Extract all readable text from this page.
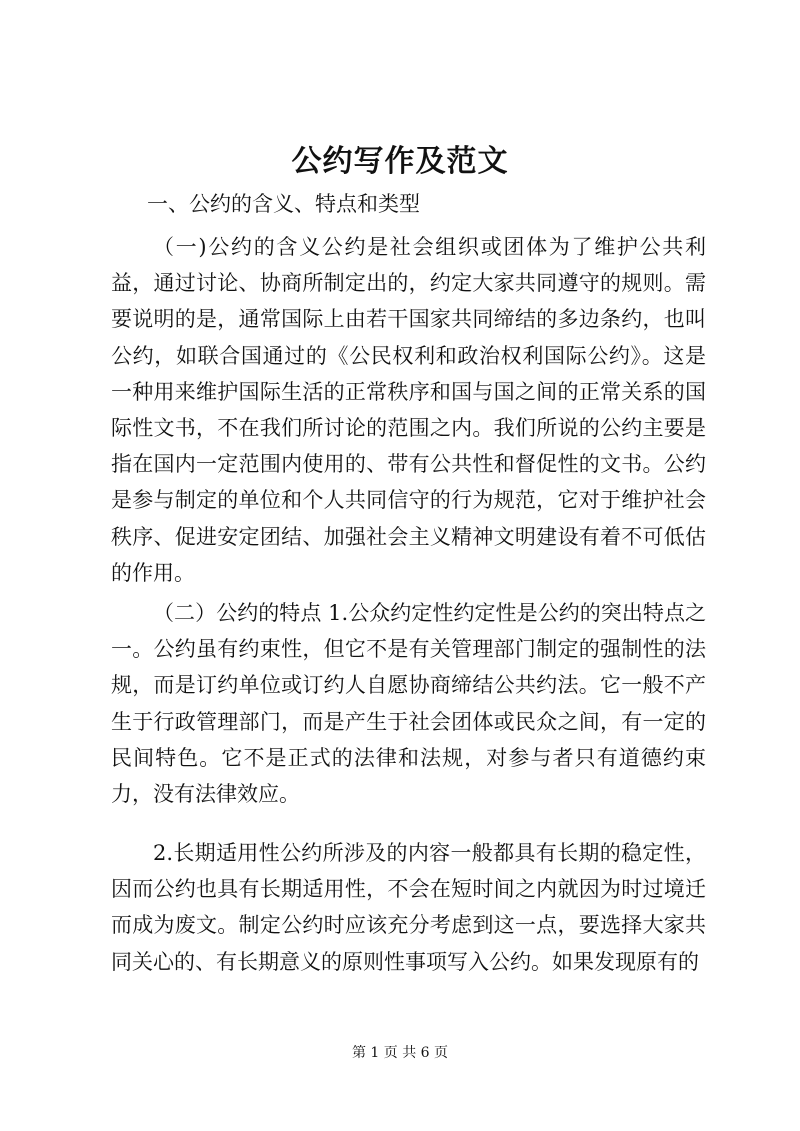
公约写作及范文

一、公约的含义、特点和类型

（一)公约的含义公约是社会组织或团体为了维护公共利益，通过讨论、协商所制定出的，约定大家共同遵守的规则。需要说明的是，通常国际上由若干国家共同缔结的多边条约，也叫公约，如联合国通过的《公民权利和政治权利国际公约》。这是一种用来维护国际生活的正常秩序和国与国之间的正常关系的国际性文书，不在我们所讨论的范围之内。我们所说的公约主要是指在国内一定范围内使用的、带有公共性和督促性的文书。公约是参与制定的单位和个人共同信守的行为规范，它对于维护社会秩序、促进安定团结、加强社会主义精神文明建设有着不可低估的作用。

（二）公约的特点 1.公众约定性约定性是公约的突出特点之一。公约虽有约束性，但它不是有关管理部门制定的强制性的法规，而是订约单位或订约人自愿协商缔结公共约法。它一般不产生于行政管理部门，而是产生于社会团体或民众之间，有一定的民间特色。它不是正式的法律和法规，对参与者只有道德约束力，没有法律效应。

2.长期适用性公约所涉及的内容一般都具有长期的稳定性，因而公约也具有长期适用性，不会在短时间之内就因为时过境迁而成为废文。制定公约时应该充分考虑到这一点，要选择大家共同关心的、有长期意义的原则性事项写入公约。如果发现原有的

第 1 页 共 6 页
